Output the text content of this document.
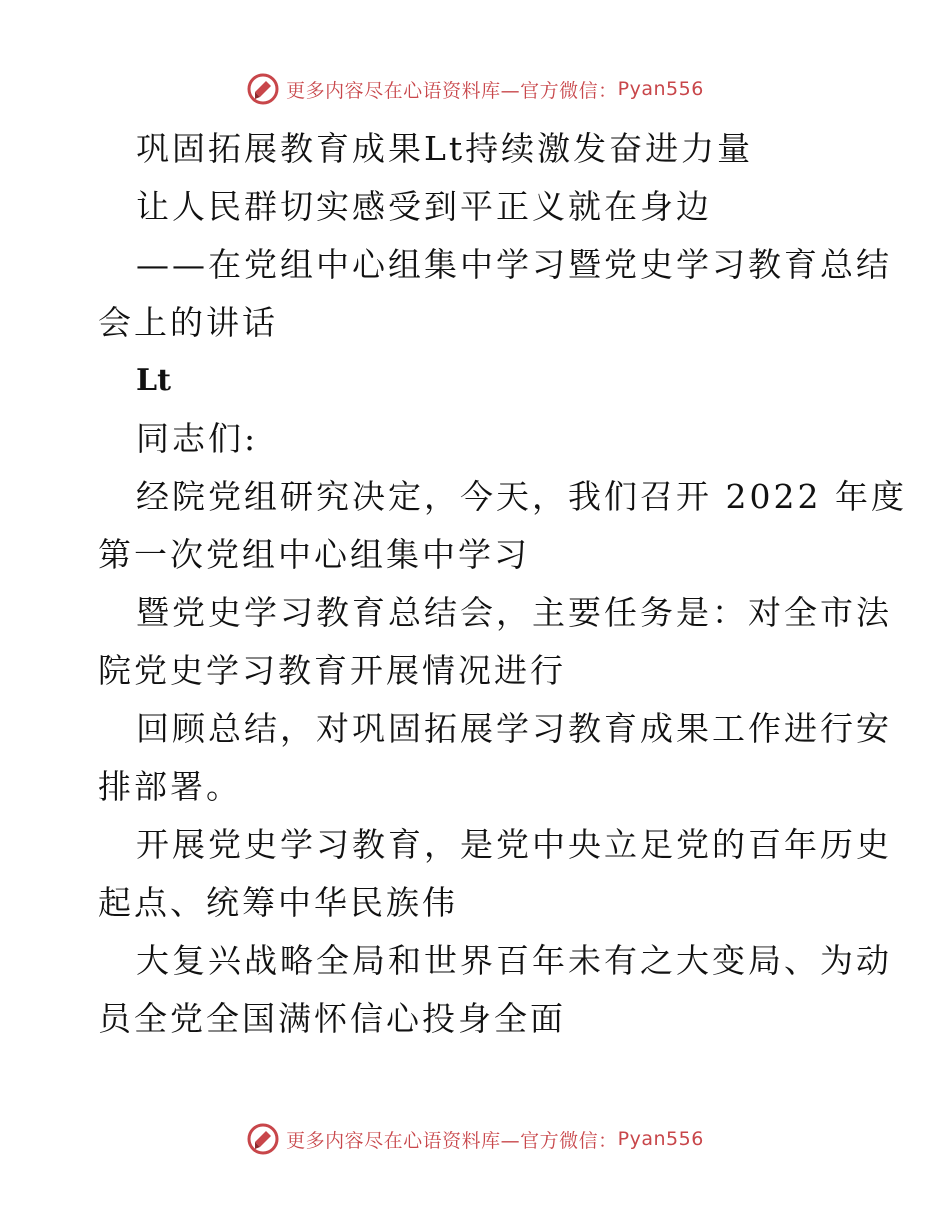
更多内容尽在心语资料库—官方微信： Pyan556
巩固拓展教育成果Lt持续激发奋进力量
让人民群切实感受到平正义就在身边
——在党组中心组集中学习暨党史学习教育总结
会上的讲话
Lt
同志们:
经院党组研究决定，今天，我们召开 2022 年度
第一次党组中心组集中学习
暨党史学习教育总结会，主要任务是：对全市法
院党史学习教育开展情况进行
回顾总结，对巩固拓展学习教育成果工作进行安
排部署。
开展党史学习教育，是党中央立足党的百年历史
起点、统筹中华民族伟
大复兴战略全局和世界百年未有之大变局、为动
员全党全国满怀信心投身全面
更多内容尽在心语资料库—官方微信： Pyan556
